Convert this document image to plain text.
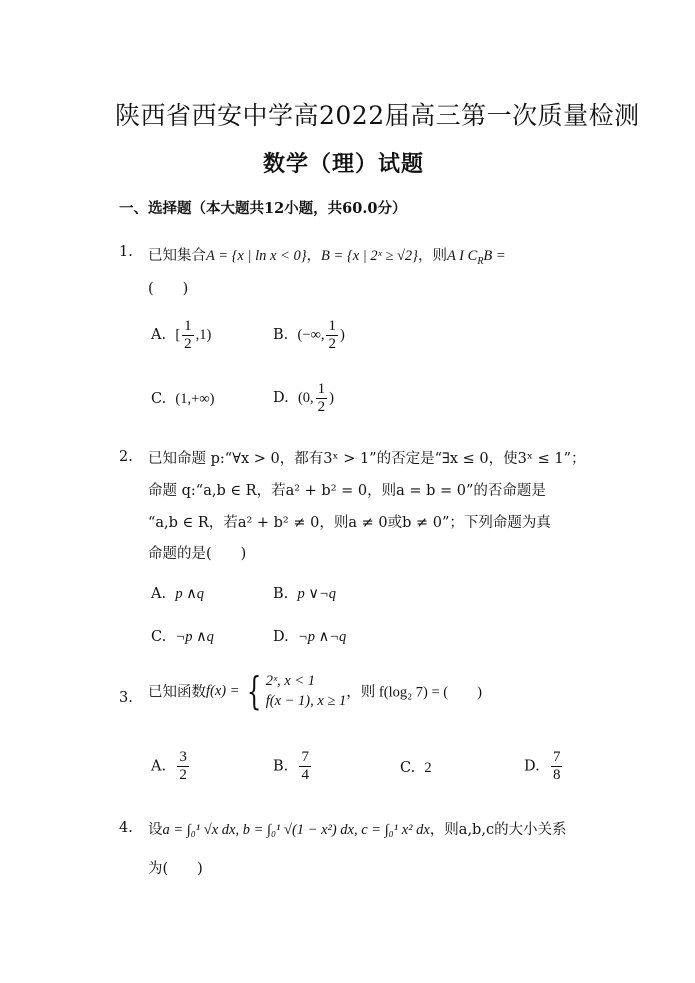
陕西省西安中学高2022届高三第一次质量检测
数学（理）试题
一、选择题（本大题共12小题，共60.0分）
1. 已知集合A = {x | ln x < 0}，B = {x | 2ˣ ≥ √2}，则A I $C_RB$ =
(　　)
A. [ $\frac{1}{2} ,1$)	B. (−∞, $\frac{1}{2}$ )
C. (1,+∞)	D. (0, $\frac{1}{2}$ )
2. 已知命题 p:“∀x > 0，都有3ˣ > 1”的否定是“∃x ≤ 0，使3ˣ ≤ 1”；
命题 q:“a,b ∈ R，若a² + b² = 0，则a = b = 0”的否命题是
“a,b ∈ R，若a² + b² ≠ 0，则a ≠ 0或b ≠ 0”；下列命题为真
命题的是(　　)
A. p ∧q	B. p ∨¬q
C. ¬p ∧q	D. ¬p ∧¬q
3. 已知函数f(x) = { 2ˣ, x < 1
f(x − 1), x ≥ 1
，则 f(log₂ 7) = (　　)
A. $\frac{3}{2}$	B. $\frac{7}{4}$	C. 2	D. $\frac{7}{8}$
4. 设a = ∫₀¹ √x dx, b = ∫₀¹ √(1 − x²) dx, c = ∫₀¹ x² dx，则a,b,c的大小关系
为(　　)
